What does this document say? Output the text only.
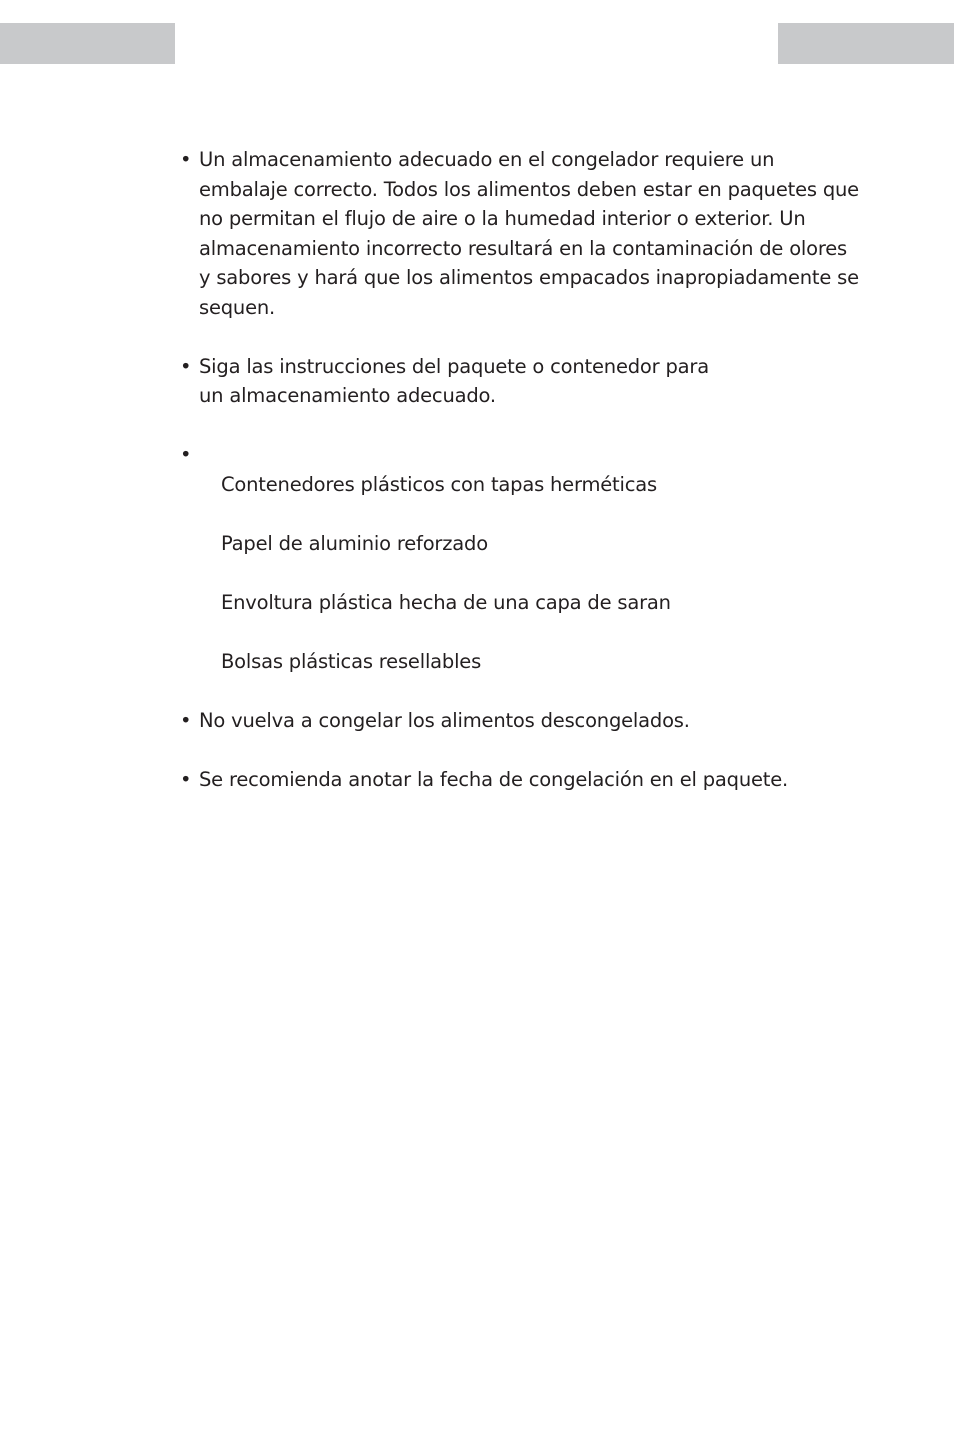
• Un almacenamiento adecuado en el congelador requiere un embalaje correcto. Todos los alimentos deben estar en paquetes que no permitan el flujo de aire o la humedad interior o exterior. Un almacenamiento incorrecto resultará en la contaminación de olores y sabores y hará que los alimentos empacados inapropiadamente se sequen.
• Siga las instrucciones del paquete o contenedor para un almacenamiento adecuado.
•
Contenedores plásticos con tapas herméticas
Papel de aluminio reforzado
Envoltura plástica hecha de una capa de saran
Bolsas plásticas resellables
• No vuelva a congelar los alimentos descongelados.
• Se recomienda anotar la fecha de congelación en el paquete.
